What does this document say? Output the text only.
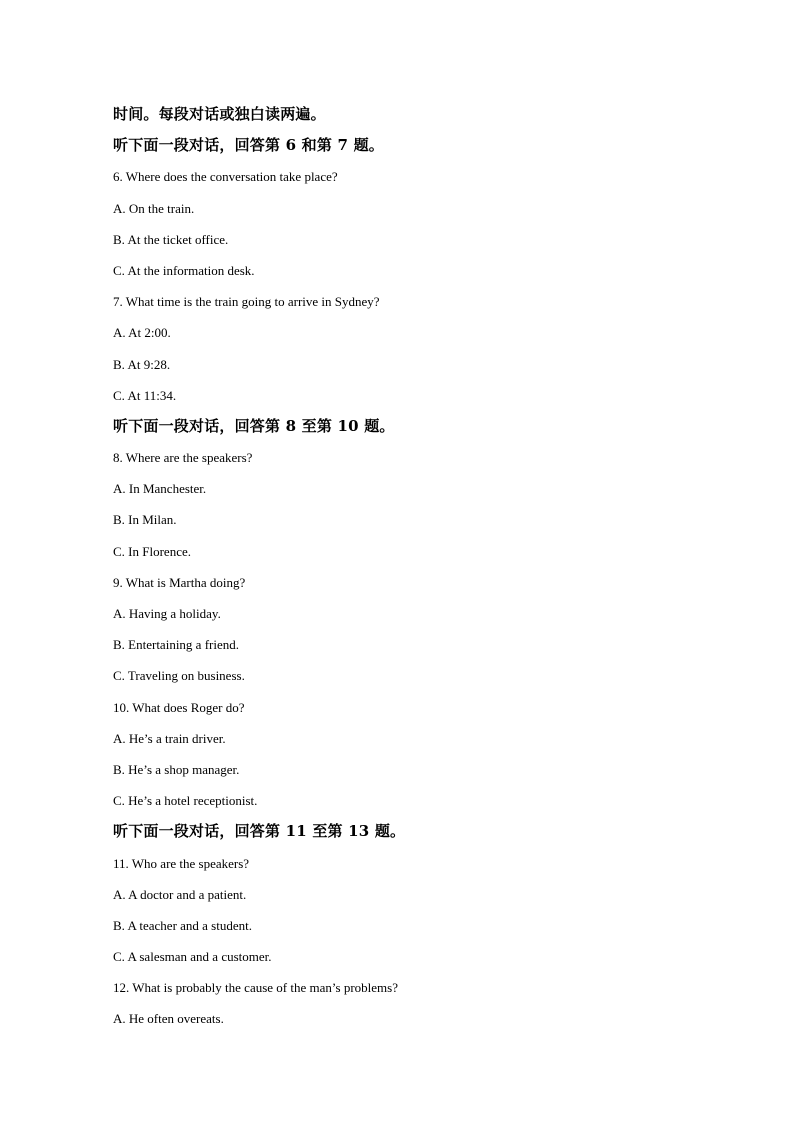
时间。每段对话或独白读两遍。
听下面一段对话，回答第 6 和第 7 题。
6. Where does the conversation take place?
A. On the train.
B. At the ticket office.
C. At the information desk.
7. What time is the train going to arrive in Sydney?
A. At 2:00.
B. At 9:28.
C. At 11:34.
听下面一段对话，回答第 8 至第 10 题。
8. Where are the speakers?
A. In Manchester.
B. In Milan.
C. In Florence.
9. What is Martha doing?
A. Having a holiday.
B. Entertaining a friend.
C. Traveling on business.
10. What does Roger do?
A. He’s a train driver.
B. He’s a shop manager.
C. He’s a hotel receptionist.
听下面一段对话，回答第 11 至第 13 题。
11. Who are the speakers?
A. A doctor and a patient.
B. A teacher and a student.
C. A salesman and a customer.
12. What is probably the cause of the man’s problems?
A. He often overeats.
